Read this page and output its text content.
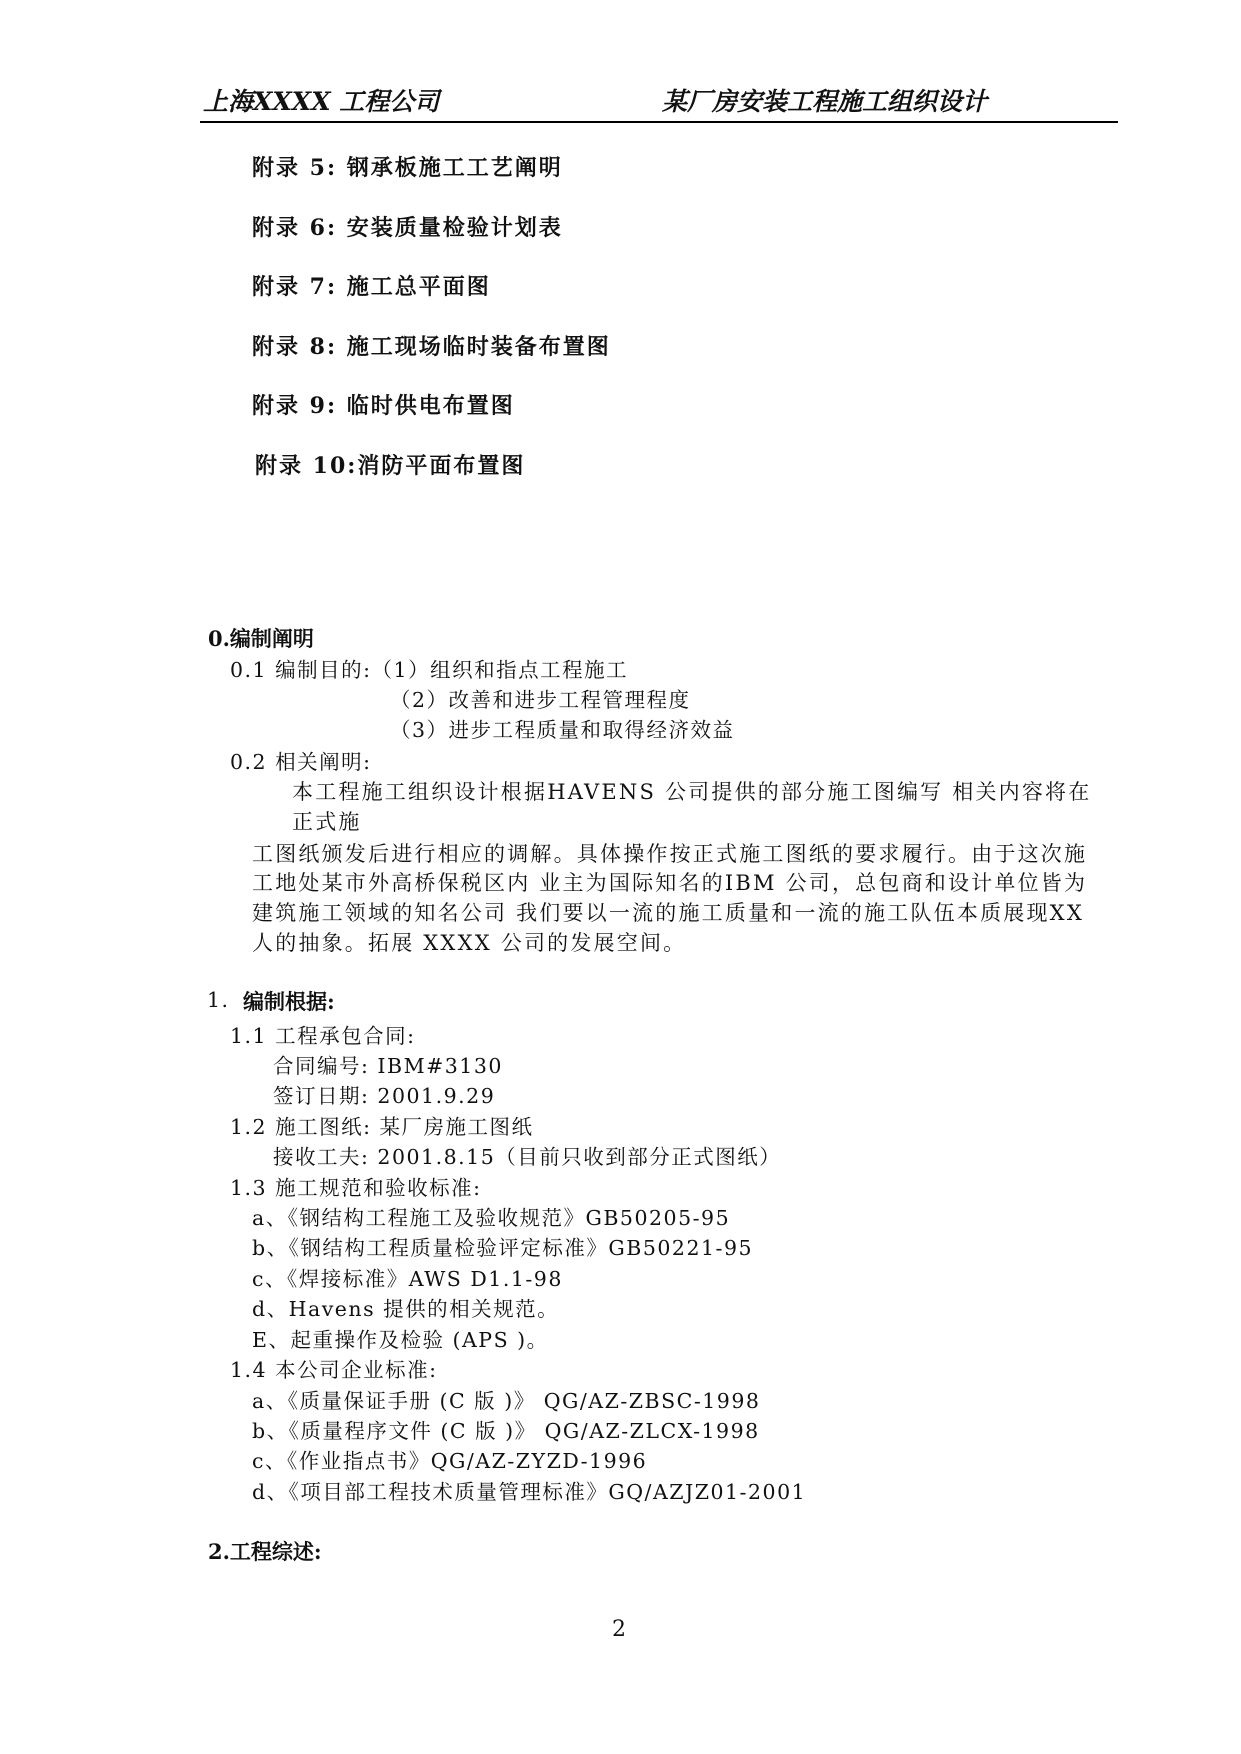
上海XXXX 工程公司	某厂房安装工程施工组织设计
附录 5: 钢承板施工工艺阐明
附录 6: 安装质量检验计划表
附录 7: 施工总平面图
附录 8: 施工现场临时装备布置图
附录 9: 临时供电布置图
附录 10:消防平面布置图
0.编制阐明
0.1 编制目的:（1）组织和指点工程施工
（2）改善和进步工程管理程度
（3）进步工程质量和取得经济效益
0.2 相关阐明:
本工程施工组织设计根据HAVENS 公司提供的部分施工图编写 相关内容将在
正式施
工图纸颁发后进行相应的调解。具体操作按正式施工图纸的要求履行。由于这次施
工地处某市外高桥保税区内 业主为国际知名的IBM 公司，总包商和设计单位皆为
建筑施工领域的知名公司 我们要以一流的施工质量和一流的施工队伍本质展现XX
人的抽象。拓展 XXXX 公司的发展空间。
1. 编制根据:
1.1 工程承包合同:
合同编号: IBM#3130
签订日期: 2001.9.29
1.2 施工图纸: 某厂房施工图纸
接收工夫: 2001.8.15（目前只收到部分正式图纸）
1.3 施工规范和验收标准:
a、《钢结构工程施工及验收规范》GB50205-95
b、《钢结构工程质量检验评定标准》GB50221-95
c、《焊接标准》AWS D1.1-98
d、Havens 提供的相关规范。
E、起重操作及检验 (APS )。
1.4 本公司企业标准:
a、《质量保证手册 (C 版 )》 QG/AZ-ZBSC-1998
b、《质量程序文件 (C 版 )》 QG/AZ-ZLCX-1998
c、《作业指点书》QG/AZ-ZYZD-1996
d、《项目部工程技术质量管理标准》GQ/AZJZ01-2001
2.工程综述:
2
